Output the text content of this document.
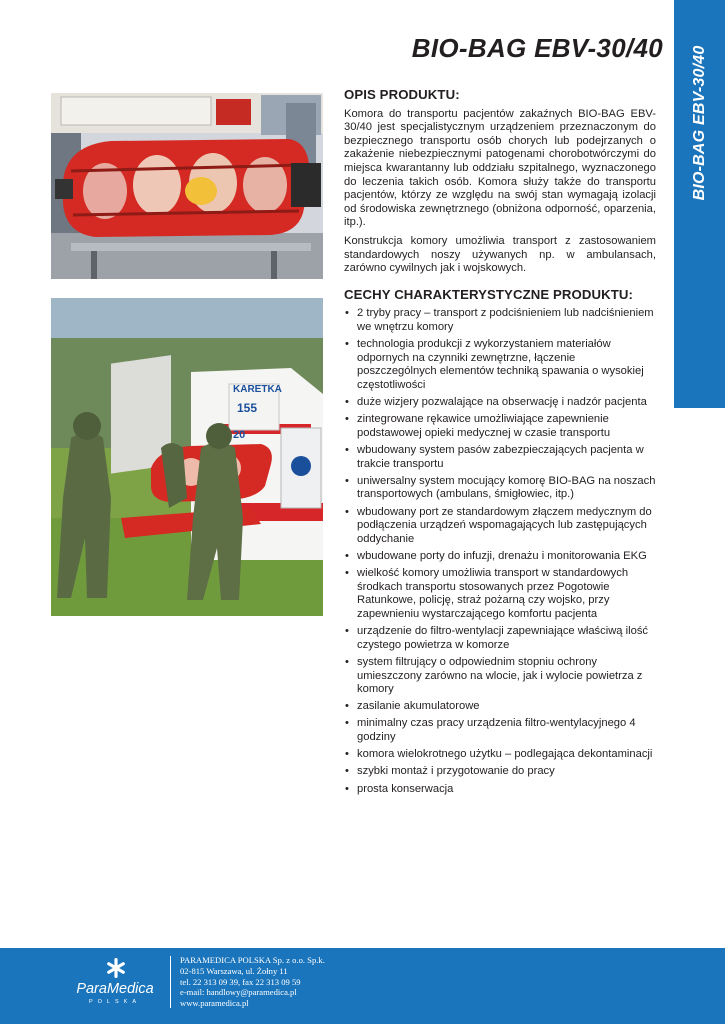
BIO-BAG EBV-30/40
BIO-BAG EBV-30/40
KARETKA
155
20
OPIS PRODUKTU:

Komora do transportu pacjentów zakaźnych BIO-BAG EBV-30/40 jest specjalistycznym urządzeniem przeznaczonym do bezpiecznego transportu osób chorych lub podejrzanych o zakażenie niebezpiecznymi patogenami chorobotwórczymi do miejsca kwarantanny lub oddziału szpitalnego, wyznaczonego do leczenia takich osób. Komora służy także do transportu pacjentów, którzy ze względu na swój stan wymagają izolacji od środowiska zewnętrznego (obniżona odporność, oparzenia, itp.).

Konstrukcja komory umożliwia transport z zastosowaniem standardowych noszy używanych np. w ambulansach, zarówno cywilnych jak i wojskowych.

CECHY CHARAKTERYSTYCZNE PRODUKTU:
• 2 tryby pracy – transport z podciśnieniem lub nadciśnieniem we wnętrzu komory
• technologia produkcji z wykorzystaniem materiałów odpornych na czynniki zewnętrzne, łączenie poszczególnych elementów techniką spawania o wysokiej częstotliwości
• duże wizjery pozwalające na obserwację i nadzór pacjenta
• zintegrowane rękawice umożliwiające zapewnienie podstawowej opieki medycznej w czasie transportu
• wbudowany system pasów zabezpieczających pacjenta w trakcie transportu
• uniwersalny system mocujący komorę BIO-BAG na noszach transportowych (ambulans, śmigłowiec, itp.)
• wbudowany port ze standardowym złączem medycznym do podłączenia urządzeń wspomagających lub zastępujących oddychanie
• wbudowane porty do infuzji, drenażu i monitorowania EKG
• wielkość komory umożliwia transport w standardowych środkach transportu stosowanych przez Pogotowie Ratunkowe, policję, straż pożarną czy wojsko, przy zapewnieniu wystarczającego komfortu pacjenta
• urządzenie do filtro-wentylacji zapewniające właściwą ilość czystego powietrza w komorze
• system filtrujący o odpowiednim stopniu ochrony umieszczony zarówno na wlocie, jak i wylocie powietrza z komory
• zasilanie akumulatorowe
• minimalny czas pracy urządzenia filtro-wentylacyjnego 4 godziny
• komora wielokrotnego użytku – podlegająca dekontaminacji
• szybki montaż i przygotowanie do pracy
• prosta konserwacja
ParaMedica
POLSKA
PARAMEDICA POLSKA Sp. z o.o. Sp.k.
02-815 Warszawa, ul. Żołny 11
tel. 22 313 09 39, fax 22 313 09 59
e-mail: handlowy@paramedica.pl
www.paramedica.pl
